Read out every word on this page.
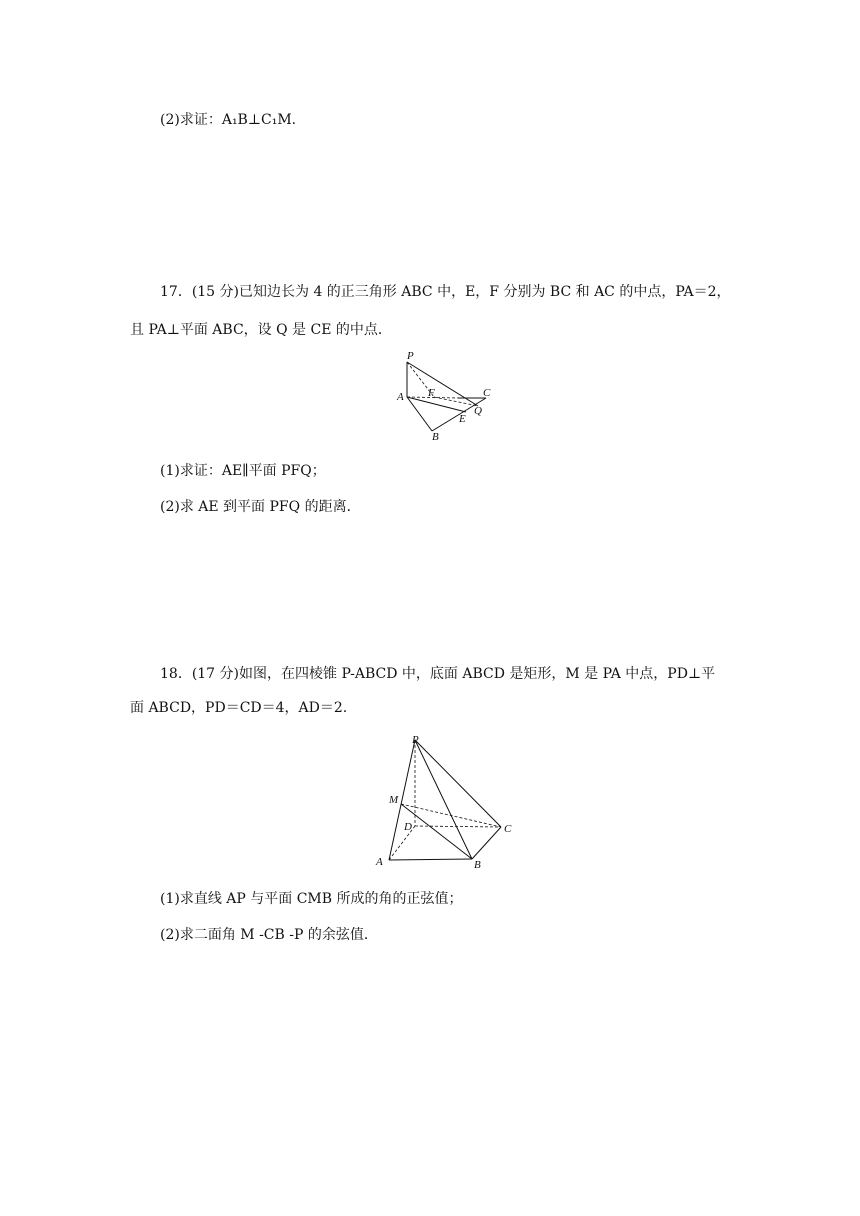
(2)求证：A₁B⊥C₁M.
17．(15 分)已知边长为 4 的正三角形 ABC 中，E，F 分别为 BC 和 AC 的中点，PA＝2，
且 PA⊥平面 ABC，设 Q 是 CE 的中点．
P
A F	C
Q
E
B
(1)求证：AE∥平面 PFQ；
(2)求 AE 到平面 PFQ 的距离．
18．(17 分)如图，在四棱锥 P-ABCD 中，底面 ABCD 是矩形，M 是 PA 中点，PD⊥平
面 ABCD，PD＝CD＝4，AD＝2.
P
M
D	C
A	B
(1)求直线 AP 与平面 CMB 所成的角的正弦值；
(2)求二面角 M -CB -P 的余弦值．
